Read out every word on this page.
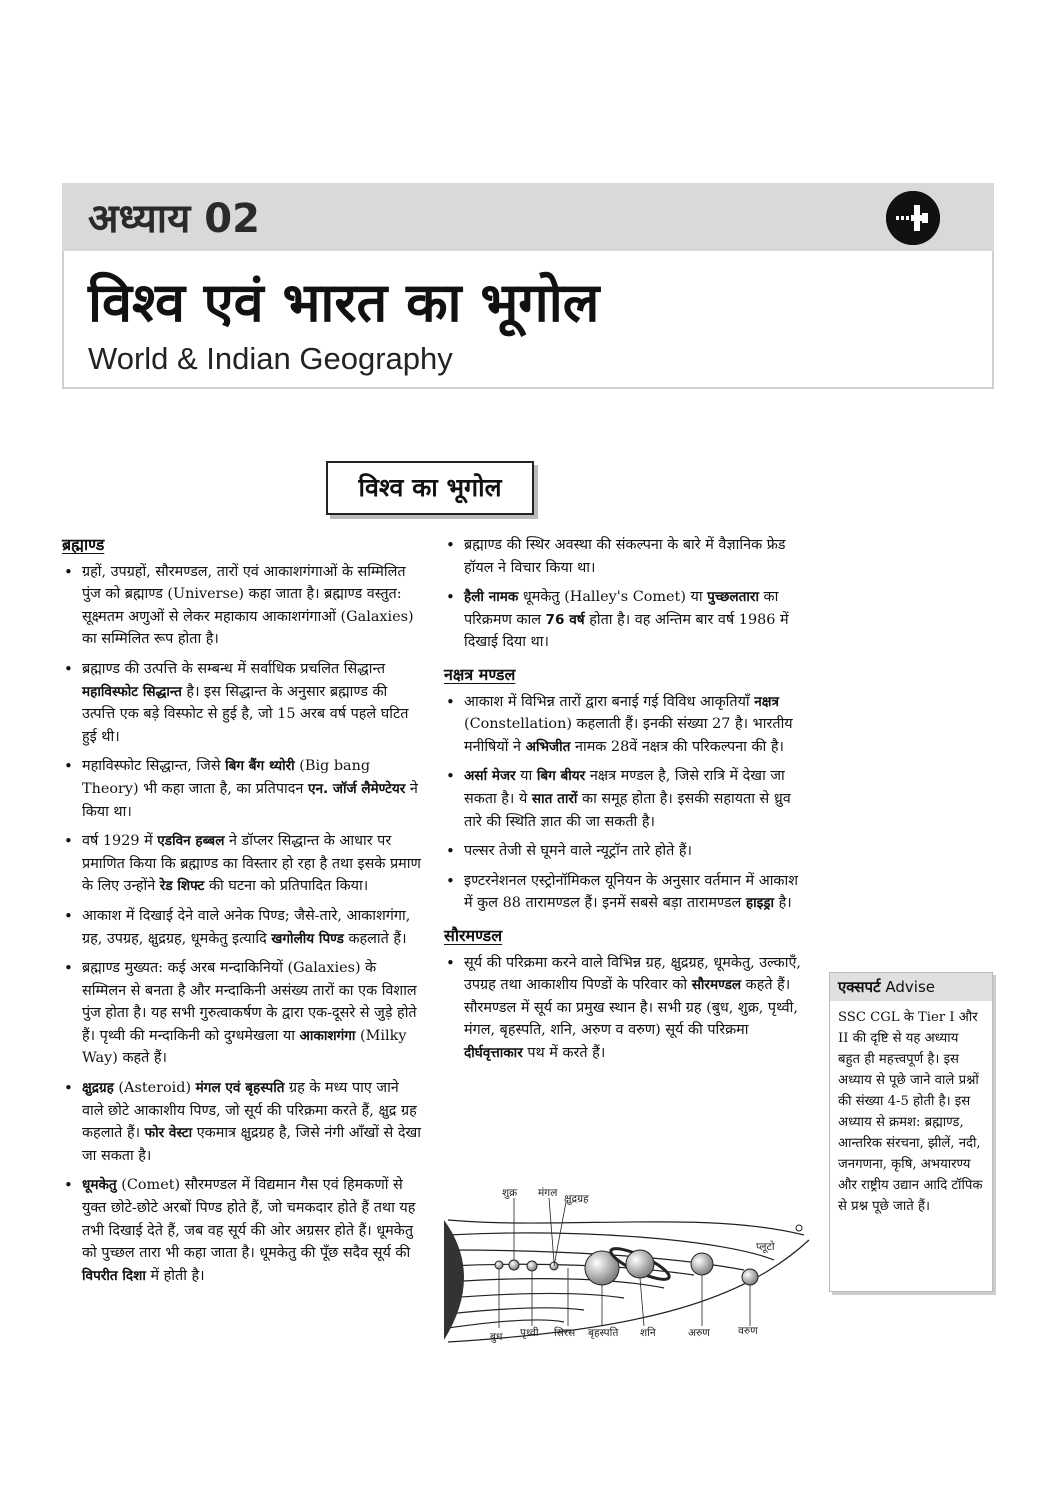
अध्याय 02
विश्व एवं भारत का भूगोल
World & Indian Geography
विश्व का भूगोल
ब्रह्माण्ड
• ग्रहों, उपग्रहों, सौरमण्डल, तारों एवं आकाशगंगाओं के सम्मिलित पुंज को ब्रह्माण्ड (Universe) कहा जाता है। ब्रह्माण्ड वस्तुत: सूक्ष्मतम अणुओं से लेकर महाकाय आकाशगंगाओं (Galaxies) का सम्मिलित रूप होता है।
• ब्रह्माण्ड की उत्पत्ति के सम्बन्ध में सर्वाधिक प्रचलित सिद्धान्त महाविस्फोट सिद्धान्त है। इस सिद्धान्त के अनुसार ब्रह्माण्ड की उत्पत्ति एक बड़े विस्फोट से हुई है, जो 15 अरब वर्ष पहले घटित हुई थी।
• महाविस्फोट सिद्धान्त, जिसे बिग बैंग थ्योरी (Big bang Theory) भी कहा जाता है, का प्रतिपादन एन. जॉर्ज लैमेण्टेयर ने किया था।
• वर्ष 1929 में एडविन हब्बल ने डॉप्लर सिद्धान्त के आधार पर प्रमाणित किया कि ब्रह्माण्ड का विस्तार हो रहा है तथा इसके प्रमाण के लिए उन्होंने रेड शिफ्ट की घटना को प्रतिपादित किया।
• आकाश में दिखाई देने वाले अनेक पिण्ड; जैसे-तारे, आकाशगंगा, ग्रह, उपग्रह, क्षुद्रग्रह, धूमकेतु इत्यादि खगोलीय पिण्ड कहलाते हैं।
• ब्रह्माण्ड मुख्यत: कई अरब मन्दाकिनियों (Galaxies) के सम्मिलन से बनता है और मन्दाकिनी असंख्य तारों का एक विशाल पुंज होता है। यह सभी गुरुत्वाकर्षण के द्वारा एक-दूसरे से जुड़े होते हैं। पृथ्वी की मन्दाकिनी को दुग्धमेखला या आकाशगंगा (Milky Way) कहते हैं।
• क्षुद्रग्रह (Asteroid) मंगल एवं बृहस्पति ग्रह के मध्य पाए जाने वाले छोटे आकाशीय पिण्ड, जो सूर्य की परिक्रमा करते हैं, क्षुद्र ग्रह कहलाते हैं। फोर वेस्टा एकमात्र क्षुद्रग्रह है, जिसे नंगी आँखों से देखा जा सकता है।
• धूमकेतु (Comet) सौरमण्डल में विद्यमान गैस एवं हिमकणों से युक्त छोटे-छोटे अरबों पिण्ड होते हैं, जो चमकदार होते हैं तथा यह तभी दिखाई देते हैं, जब वह सूर्य की ओर अग्रसर होते हैं। धूमकेतु को पुच्छल तारा भी कहा जाता है। धूमकेतु की पूँछ सदैव सूर्य की विपरीत दिशा में होती है।
• ब्रह्माण्ड की स्थिर अवस्था की संकल्पना के बारे में वैज्ञानिक फ्रेड हॉयल ने विचार किया था।
• हैली नामक धूमकेतु (Halley's Comet) या पुच्छलतारा का परिक्रमण काल 76 वर्ष होता है। वह अन्तिम बार वर्ष 1986 में दिखाई दिया था।
नक्षत्र मण्डल
• आकाश में विभिन्न तारों द्वारा बनाई गई विविध आकृतियाँ नक्षत्र (Constellation) कहलाती हैं। इनकी संख्या 27 है। भारतीय मनीषियों ने अभिजीत नामक 28वें नक्षत्र की परिकल्पना की है।
• अर्सा मेजर या बिग बीयर नक्षत्र मण्डल है, जिसे रात्रि में देखा जा सकता है। ये सात तारों का समूह होता है। इसकी सहायता से ध्रुव तारे की स्थिति ज्ञात की जा सकती है।
• पल्सर तेजी से घूमने वाले न्यूट्रॉन तारे होते हैं।
• इण्टरनेशनल एस्ट्रोनॉमिकल यूनियन के अनुसार वर्तमान में आकाश में कुल 88 तारामण्डल हैं। इनमें सबसे बड़ा तारामण्डल हाइड्रा है।
सौरमण्डल
• सूर्य की परिक्रमा करने वाले विभिन्न ग्रह, क्षुद्रग्रह, धूमकेतु, उल्काएँ, उपग्रह तथा आकाशीय पिण्डों के परिवार को सौरमण्डल कहते हैं। सौरमण्डल में सूर्य का प्रमुख स्थान है। सभी ग्रह (बुध, शुक्र, पृथ्वी, मंगल, बृहस्पति, शनि, अरुण व वरुण) सूर्य की परिक्रमा दीर्घवृत्ताकार पथ में करते हैं।
शुक्र मंगल क्षुद्रग्रह
प्लूटो
बुध पृथ्वी सिरस बृहस्पति शनि	अरुण	वरुण
एक्सपर्ट Advise
SSC CGL के Tier I और II की दृष्टि से यह अध्याय बहुत ही महत्त्वपूर्ण है। इस अध्याय से पूछे जाने वाले प्रश्नों की संख्या 4-5 होती है। इस अध्याय से क्रमश: ब्रह्माण्ड, आन्तरिक संरचना, झीलें, नदी, जनगणना, कृषि, अभयारण्य और राष्ट्रीय उद्यान आदि टॉपिक से प्रश्न पूछे जाते हैं।
